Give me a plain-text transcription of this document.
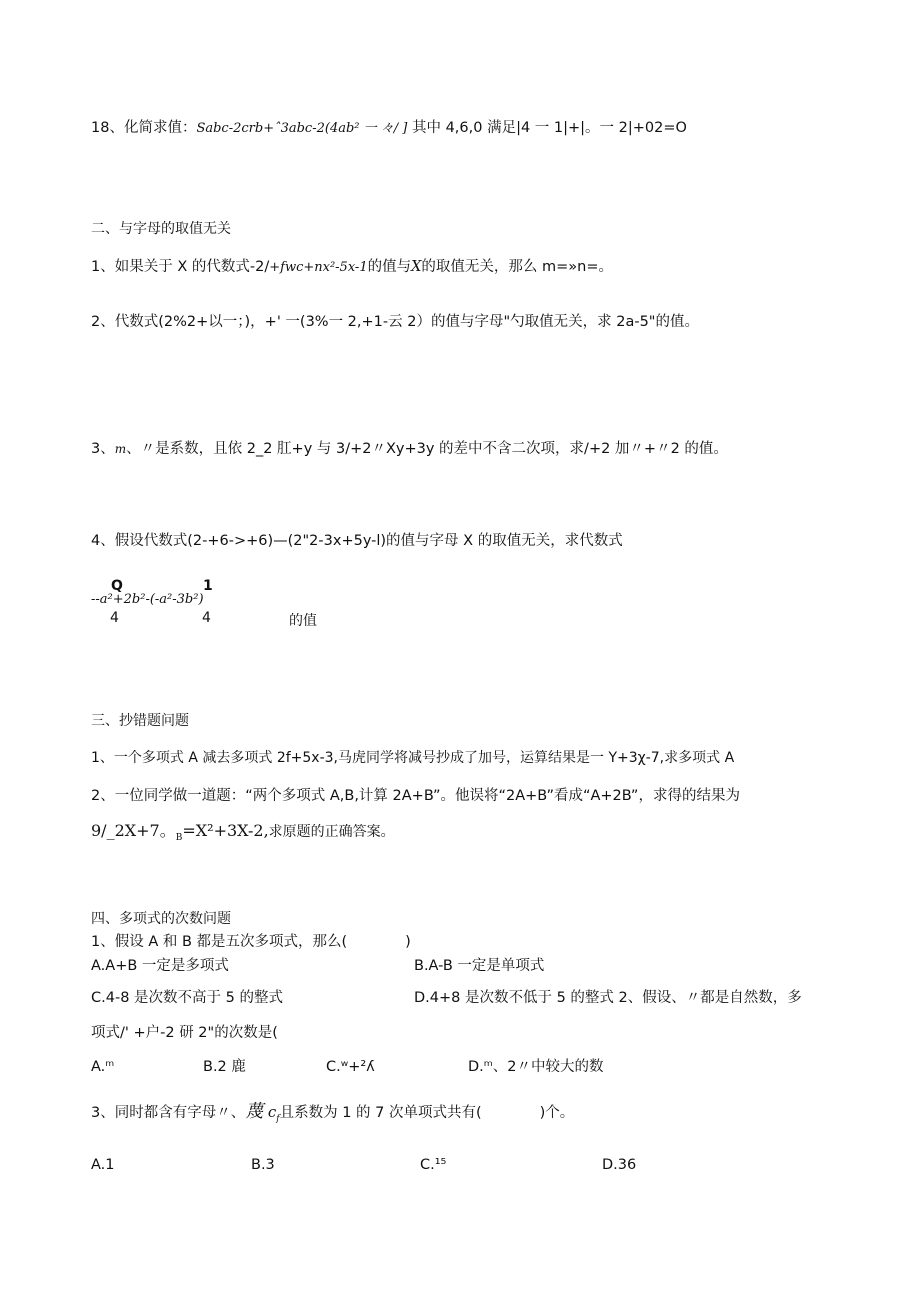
18、化简求值：Sabc-2crb+ˆ3abc-2(4ab² 一 々/ ] 其中 4,6,0 满足|4 一 1|+|。一 2|+02=O
二、与字母的取值无关
1、如果关于 X 的代数式-2/+fwc+nx²-5x-1的值与X的取值无关，那么 m=»n=。
2、代数式(2%2+以一；)，+' 一(3%一 2,+1-云 2）的值与字母"勺取值无关，求 2a-5"的值。
3、m、〃是系数，且依 2_2 肛+y 与 3/+2〃Xy+3y 的差中不含二次项，求/+2 加〃+〃2 的值。
4、假设代数式(2-+6->+6)—(2"2-3x+5y-l)的值与字母 X 的取值无关，求代数式
Q	1
--a²+2b²-(-a²-3b²)
4	4	的值
三、抄错题问题
1、一个多项式 A 减去多项式 2f+5x-3,马虎同学将减号抄成了加号，运算结果是一 Y+3χ-7,求多项式 A
2、一位同学做一道题：“两个多项式 A,B,计算 2A+B”。他误将“2A+B”看成“A+2B”，求得的结果为
9/_2X+7。$_B$=X²+3X-2,求原题的正确答案。
四、多项式的次数问题
1、假设 A 和 B 都是五次多项式，那么(　　　　)
A.A+B 一定是多项式	B.A-B 一定是单项式
C.4-8 是次数不高于 5 的整式	D.4+8 是次数不低于 5 的整式 2、假设、〃都是自然数，多
项式/' +户-2 研 2"的次数是(
A.ᵐ	B.2 鹿	C.ʷ+²ʎ	D.ᵐ、2〃中较大的数
3、同时都含有字母〃、蔑 $c_f$且系数为 1 的 7 次单项式共有(　　　　)个。
A.1	B.3	C.¹⁵	D.36
